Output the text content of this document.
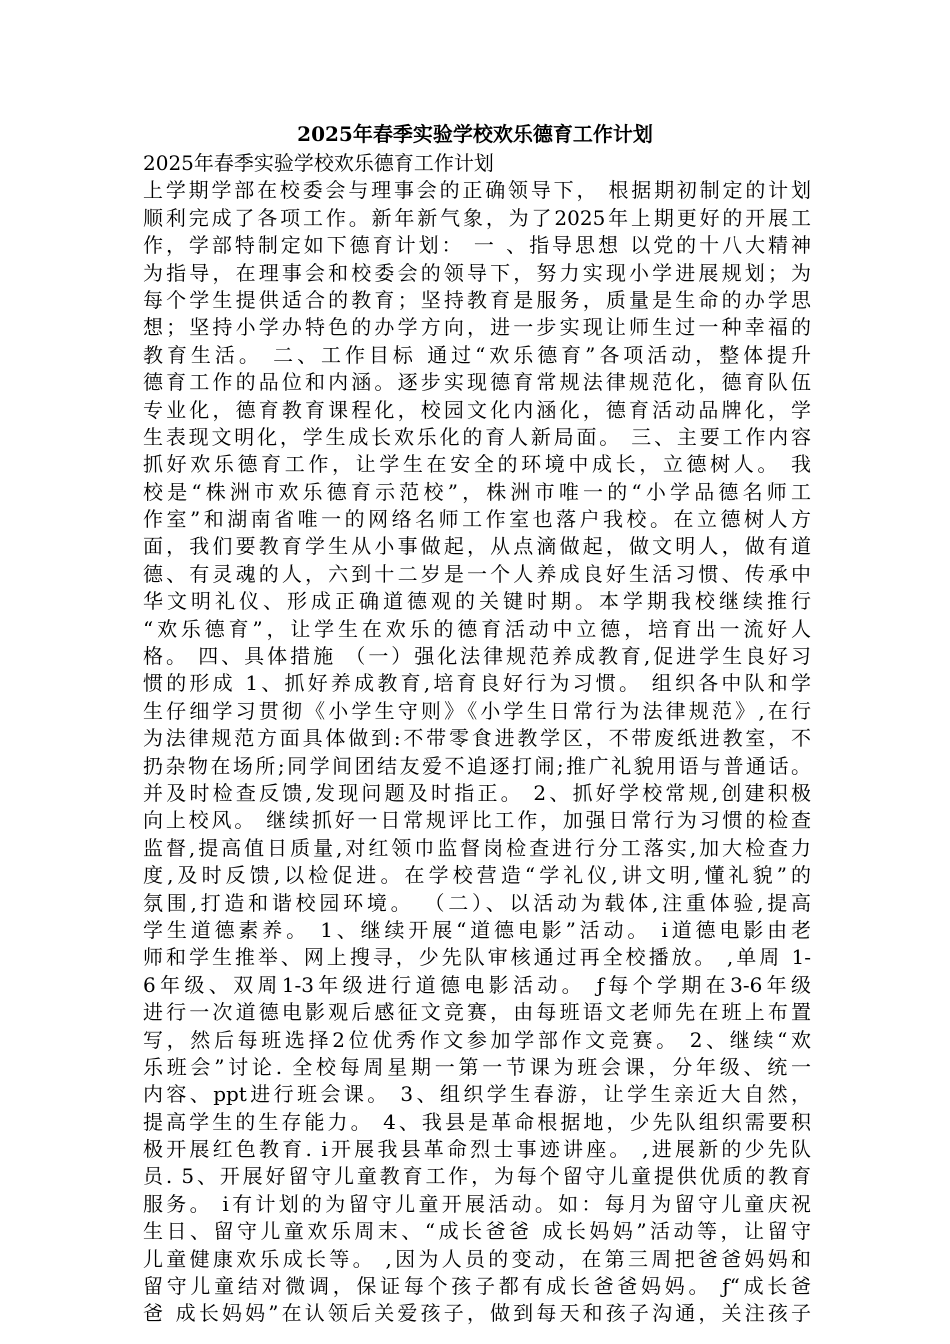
2025年春季实验学校欢乐德育工作计划
2025年春季实验学校欢乐德育工作计划
上学期学部在校委会与理事会的正确领导下， 根据期初制定的计划
顺利完成了各项工作。新年新气象，为了2025年上期更好的开展工
作，学部特制定如下德育计划： 一 、指导思想 以党的十八大精神
为指导，在理事会和校委会的领导下，努力实现小学进展规划；为
每个学生提供适合的教育；坚持教育是服务，质量是生命的办学思
想；坚持小学办特色的办学方向，进一步实现让师生过一种幸福的
教育生活。 二、工作目标 通过“欢乐德育”各项活动，整体提升
德育工作的品位和内涵。逐步实现德育常规法律规范化，德育队伍
专业化，德育教育课程化，校园文化内涵化，德育活动品牌化，学
生表现文明化，学生成长欢乐化的育人新局面。 三、主要工作内容
抓好欢乐德育工作，让学生在安全的环境中成长，立德树人。 我
校是“株洲市欢乐德育示范校”，株洲市唯一的“小学品德名师工
作室”和湖南省唯一的网络名师工作室也落户我校。在立德树人方
面，我们要教育学生从小事做起，从点滴做起，做文明人，做有道
德、有灵魂的人，六到十二岁是一个人养成良好生活习惯、传承中
华文明礼仪、形成正确道德观的关键时期。本学期我校继续推行
“欢乐德育”，让学生在欢乐的德育活动中立德，培育出一流好人
格。 四、具体措施 （一）强化法律规范养成教育,促进学生良好习
惯的形成 1、抓好养成教育,培育良好行为习惯。 组织各中队和学
生仔细学习贯彻《小学生守则》《小学生日常行为法律规范》,在行
为法律规范方面具体做到:不带零食进教学区，不带废纸进教室，不
扔杂物在场所;同学间团结友爱不追逐打闹;推广礼貌用语与普通话。
并及时检查反馈,发现问题及时指正。 2、抓好学校常规,创建积极
向上校风。 继续抓好一日常规评比工作，加强日常行为习惯的检查
监督,提高值日质量,对红领巾监督岗检查进行分工落实,加大检查力
度,及时反馈,以检促进。在学校营造“学礼仪,讲文明,懂礼貌”的
氛围,打造和谐校园环境。 （二）、以活动为载体,注重体验,提高
学生道德素养。 1、继续开展“道德电影”活动。 ⅰ道德电影由老
师和学生推举、网上搜寻，少先队审核通过再全校播放。 ,单周 1-
6年级、双周1-3年级进行道德电影活动。 ƒ每个学期在3-6年级
进行一次道德电影观后感征文竞赛，由每班语文老师先在班上布置
写，然后每班选择2位优秀作文参加学部作文竞赛。 2、继续“欢
乐班会”讨论. 全校每周星期一第一节课为班会课，分年级、统一
内容、ppt进行班会课。 3、组织学生春游，让学生亲近大自然，
提高学生的生存能力。 4、我县是革命根据地，少先队组织需要积
极开展红色教育. ⅰ开展我县革命烈士事迹讲座。 ,进展新的少先队
员. 5、开展好留守儿童教育工作，为每个留守儿童提供优质的教育
服务。 ⅰ有计划的为留守儿童开展活动。如：每月为留守儿童庆祝
生日、留守儿童欢乐周末、“成长爸爸 成长妈妈”活动等，让留守
儿童健康欢乐成长等。 ,因为人员的变动，在第三周把爸爸妈妈和
留守儿童结对微调，保证每个孩子都有成长爸爸妈妈。 ƒ“成长爸
爸 成长妈妈”在认领后关爱孩子，做到每天和孩子沟通，关注孩子
